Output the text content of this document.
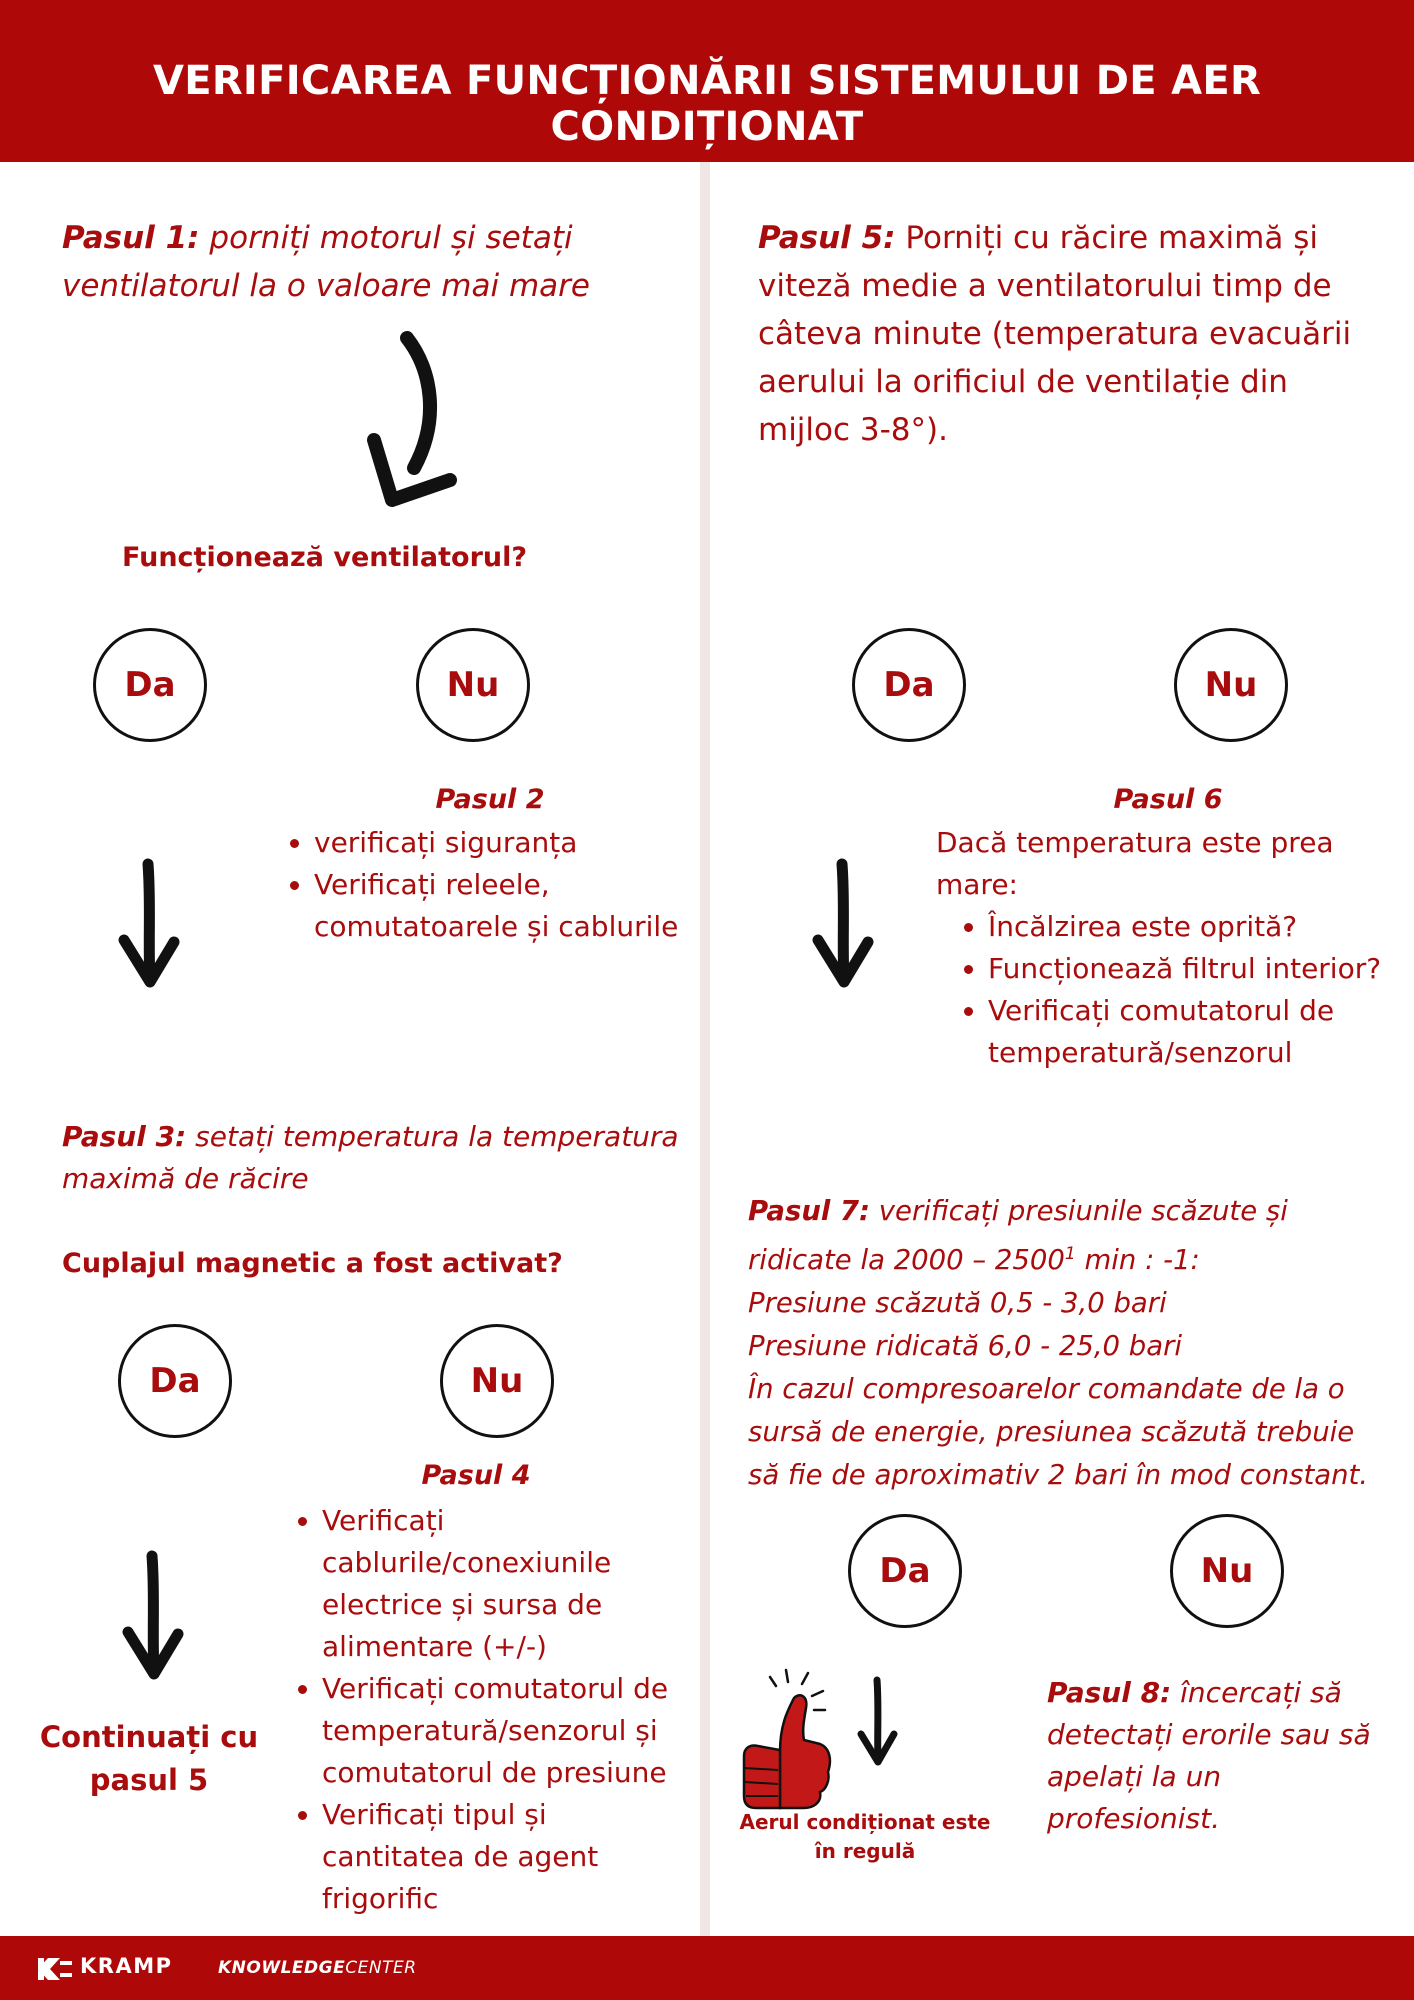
VERIFICAREA FUNCȚIONĂRII SISTEMULUI DE AER CONDIȚIONAT
Pasul 1: porniți motorul și setați ventilatorul la o valoare mai mare
Funcționează ventilatorul?
Da	Nu
Pasul 2
• verificați siguranța
• Verificați releele, comutatoarele și cablurile
Pasul 3: setați temperatura la temperatura maximă de răcire
Cuplajul magnetic a fost activat?
Da	Nu
Pasul 4
• Verificați cablurile/conexiunile electrice și sursa de alimentare (+/-)
• Verificați comutatorul de temperatură/senzorul și comutatorul de presiune
• Verificați tipul și cantitatea de agent frigorific
Continuați cu pasul 5
Pasul 5: Porniți cu răcire maximă și viteză medie a ventilatorului timp de câteva minute (temperatura evacuării aerului la orificiul de ventilație din mijloc 3-8°).
Da	Nu
Pasul 6
Dacă temperatura este prea mare:
• Încălzirea este oprită?
• Funcționează filtrul interior?
• Verificați comutatorul de temperatură/senzorul
Pasul 7: verificați presiunile scăzute și ridicate la 2000 – 2500$^1$ min : -1:
Presiune scăzută 0,5 - 3,0 bari
Presiune ridicată 6,0 - 25,0 bari
În cazul compresoarelor comandate de la o sursă de energie, presiunea scăzută trebuie să fie de aproximativ 2 bari în mod constant.
Da	Nu
Aerul condiționat este în regulă
Pasul 8: încercați să detectați erorile sau să apelați la un profesionist.
KRAMP	KNOWLEDGECENTER
